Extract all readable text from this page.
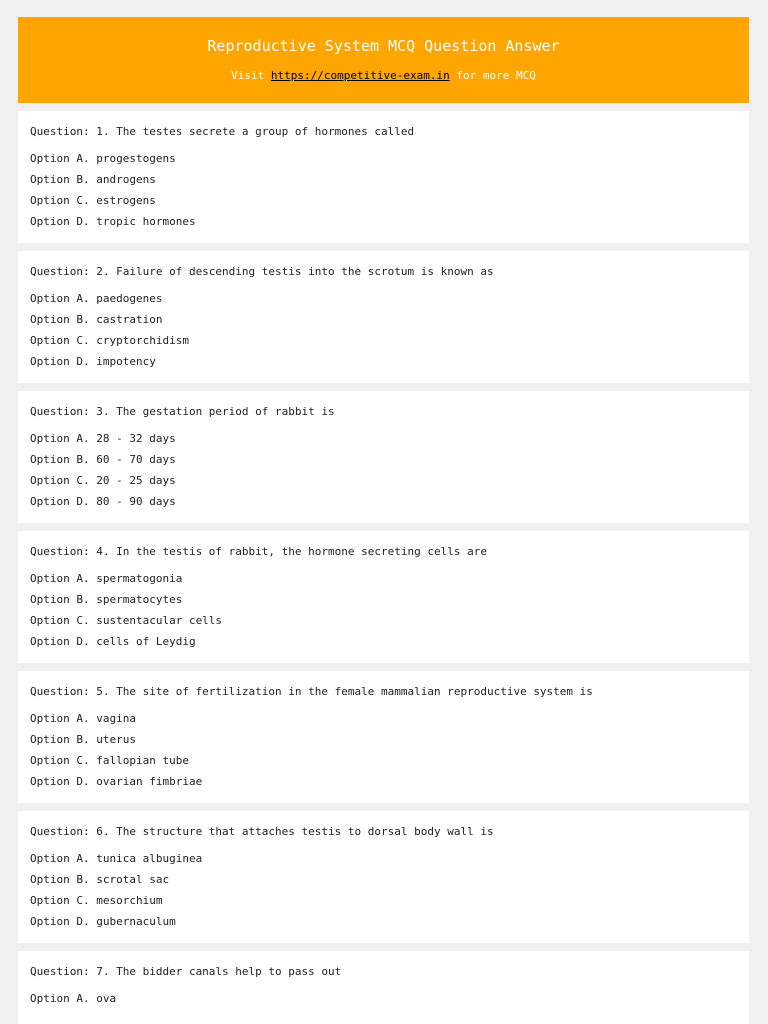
Reproductive System MCQ Question Answer
Visit https://competitive-exam.in for more MCQ
Question: 1. The testes secrete a group of hormones called
Option A. progestogens
Option B. androgens
Option C. estrogens
Option D. tropic hormones
Question: 2. Failure of descending testis into the scrotum is known as
Option A. paedogenes
Option B. castration
Option C. cryptorchidism
Option D. impotency
Question: 3. The gestation period of rabbit is
Option A. 28 - 32 days
Option B. 60 - 70 days
Option C. 20 - 25 days
Option D. 80 - 90 days
Question: 4. In the testis of rabbit, the hormone secreting cells are
Option A. spermatogonia
Option B. spermatocytes
Option C. sustentacular cells
Option D. cells of Leydig
Question: 5. The site of fertilization in the female mammalian reproductive system is
Option A. vagina
Option B. uterus
Option C. fallopian tube
Option D. ovarian fimbriae
Question: 6. The structure that attaches testis to dorsal body wall is
Option A. tunica albuginea
Option B. scrotal sac
Option C. mesorchium
Option D. gubernaculum
Question: 7. The bidder canals help to pass out
Option A. ova
